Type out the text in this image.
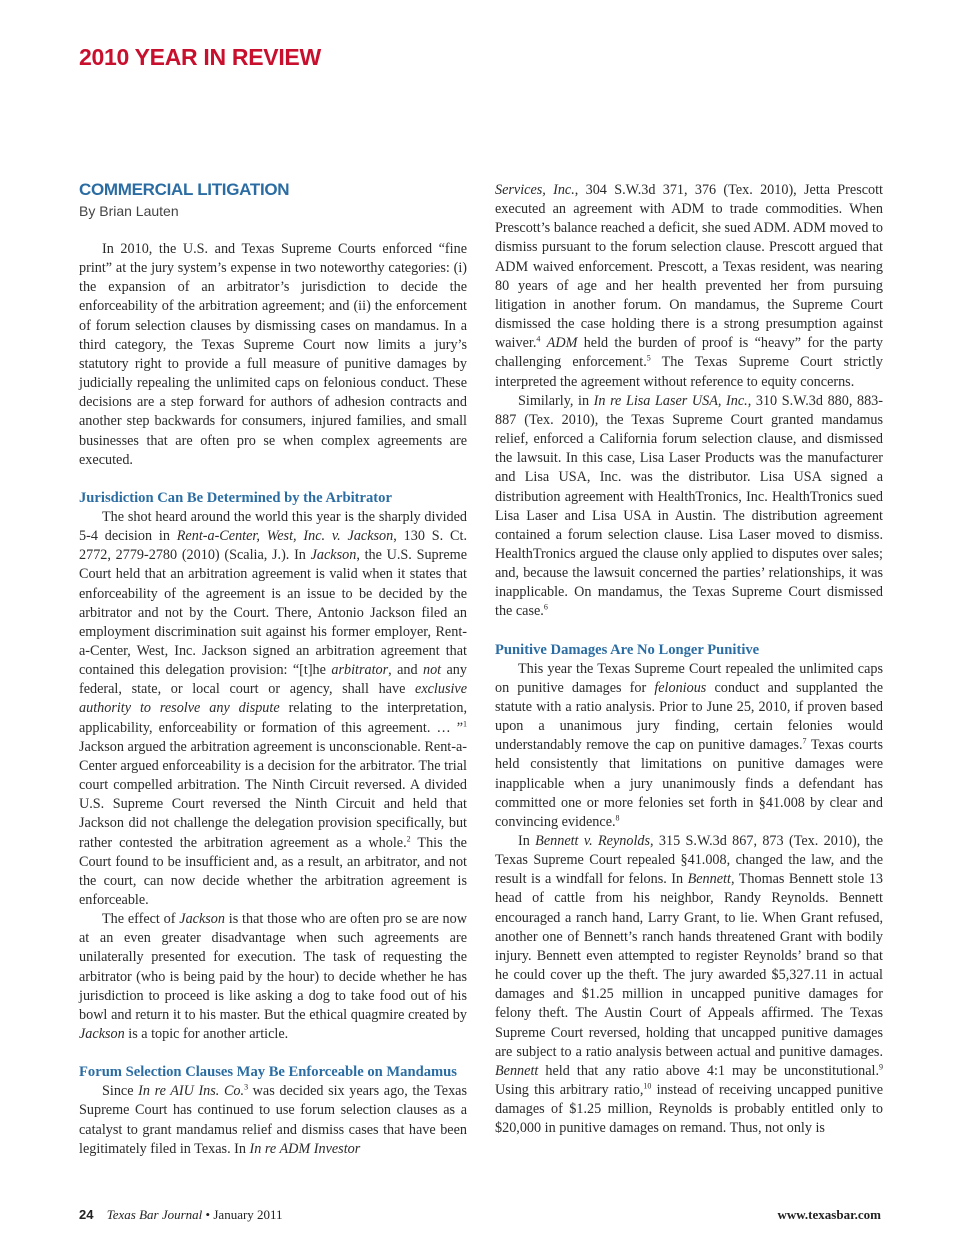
2010 YEAR IN REVIEW
COMMERCIAL LITIGATION
By Brian Lauten

In 2010, the U.S. and Texas Supreme Courts enforced “fine print” at the jury system’s expense in two noteworthy categories: (i) the expansion of an arbitrator’s jurisdiction to decide the enforceability of the arbitration agreement; and (ii) the enforcement of forum selection clauses by dismissing cases on mandamus. In a third category, the Texas Supreme Court now limits a jury’s statutory right to provide a full measure of punitive damages by judicially repealing the unlimited caps on felonious conduct. These decisions are a step forward for authors of adhesion contracts and another step backwards for consumers, injured families, and small businesses that are often pro se when complex agreements are executed.

Jurisdiction Can Be Determined by the Arbitrator

The shot heard around the world this year is the sharply divided 5-4 decision in Rent-a-Center, West, Inc. v. Jackson, 130 S. Ct. 2772, 2779-2780 (2010) (Scalia, J.). In Jackson, the U.S. Supreme Court held that an arbitration agreement is valid when it states that enforceability of the agreement is an issue to be decided by the arbitrator and not by the Court. There, Antonio Jackson filed an employment discrimination suit against his former employer, Rent-a-Center, West, Inc. Jackson signed an arbitration agreement that contained this delegation provision: “[t]he arbitrator, and not any federal, state, or local court or agency, shall have exclusive authority to resolve any dispute relating to the interpretation, applicability, enforceability or formation of this agreement. … ”$^1$ Jackson argued the arbitration agreement is unconscionable. Rent-a-Center argued enforceability is a decision for the arbitrator. The trial court compelled arbitration. The Ninth Circuit reversed. A divided U.S. Supreme Court reversed the Ninth Circuit and held that Jackson did not challenge the delegation provision specifically, but rather contested the arbitration agreement as a whole.$^2$ This the Court found to be insufficient and, as a result, an arbitrator, and not the court, can now decide whether the arbitration agreement is enforceable.

The effect of Jackson is that those who are often pro se are now at an even greater disadvantage when such agreements are unilaterally presented for execution. The task of requesting the arbitrator (who is being paid by the hour) to decide whether he has jurisdiction to proceed is like asking a dog to take food out of his bowl and return it to his master. But the ethical quagmire created by Jackson is a topic for another article.

Forum Selection Clauses May Be Enforceable on Mandamus

Since In re AIU Ins. Co.$^3$ was decided six years ago, the Texas Supreme Court has continued to use forum selection clauses as a catalyst to grant mandamus relief and dismiss cases that have been legitimately filed in Texas. In In re ADM Investor

Services, Inc., 304 S.W.3d 371, 376 (Tex. 2010), Jetta Prescott executed an agreement with ADM to trade commodities. When Prescott’s balance reached a deficit, she sued ADM. ADM moved to dismiss pursuant to the forum selection clause. Prescott argued that ADM waived enforcement. Prescott, a Texas resident, was nearing 80 years of age and her health prevented her from pursuing litigation in another forum. On mandamus, the Supreme Court dismissed the case holding there is a strong presumption against waiver.$^4$ ADM held the burden of proof is “heavy” for the party challenging enforcement.$^5$ The Texas Supreme Court strictly interpreted the agreement without reference to equity concerns.

Similarly, in In re Lisa Laser USA, Inc., 310 S.W.3d 880, 883-887 (Tex. 2010), the Texas Supreme Court granted mandamus relief, enforced a California forum selection clause, and dismissed the lawsuit. In this case, Lisa Laser Products was the manufacturer and Lisa USA, Inc. was the distributor. Lisa USA signed a distribution agreement with HealthTronics, Inc. HealthTronics sued Lisa Laser and Lisa USA in Austin. The distribution agreement contained a forum selection clause. Lisa Laser moved to dismiss. HealthTronics argued the clause only applied to disputes over sales; and, because the lawsuit concerned the parties’ relationships, it was inapplicable. On mandamus, the Texas Supreme Court dismissed the case.$^6$

Punitive Damages Are No Longer Punitive

This year the Texas Supreme Court repealed the unlimited caps on punitive damages for felonious conduct and supplanted the statute with a ratio analysis. Prior to June 25, 2010, if proven based upon a unanimous jury finding, certain felonies would understandably remove the cap on punitive damages.$^7$ Texas courts held consistently that limitations on punitive damages were inapplicable when a jury unanimously finds a defendant has committed one or more felonies set forth in §41.008 by clear and convincing evidence.$^8$

In Bennett v. Reynolds, 315 S.W.3d 867, 873 (Tex. 2010), the Texas Supreme Court repealed §41.008, changed the law, and the result is a windfall for felons. In Bennett, Thomas Bennett stole 13 head of cattle from his neighbor, Randy Reynolds. Bennett encouraged a ranch hand, Larry Grant, to lie. When Grant refused, another one of Bennett’s ranch hands threatened Grant with bodily injury. Bennett even attempted to register Reynolds’ brand so that he could cover up the theft. The jury awarded $5,327.11 in actual damages and $1.25 million in uncapped punitive damages for felony theft. The Austin Court of Appeals affirmed. The Texas Supreme Court reversed, holding that uncapped punitive damages are subject to a ratio analysis between actual and punitive damages. Bennett held that any ratio above 4:1 may be unconstitutional.$^9$ Using this arbitrary ratio,$^{10}$ instead of receiving uncapped punitive damages of $1.25 million, Reynolds is probably entitled only to $20,000 in punitive damages on remand. Thus, not only is

24 Texas Bar Journal • January 2011	www.texasbar.com
